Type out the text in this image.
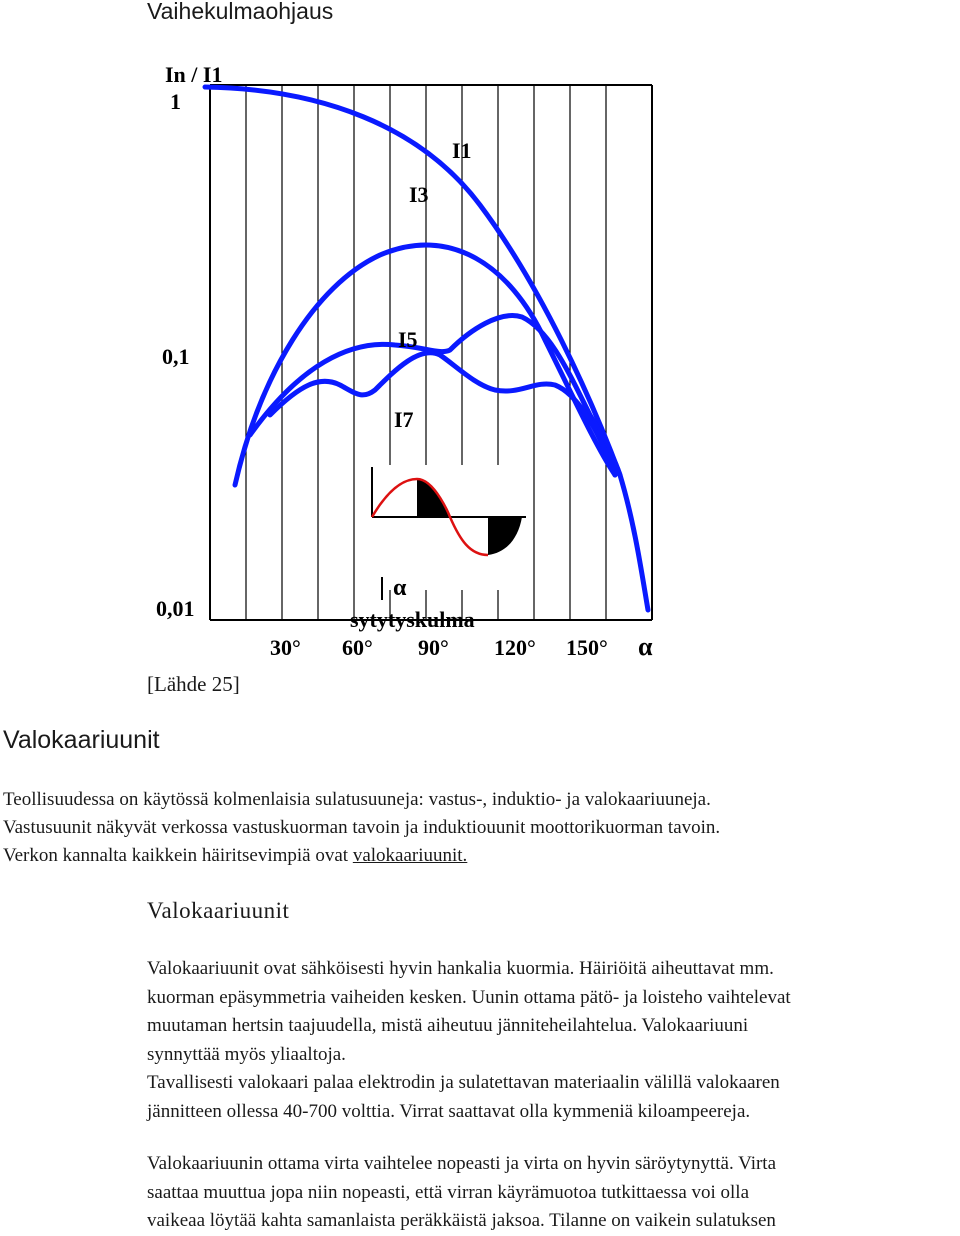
Vaihekulmaohjaus
In / I1
1
0,1
0,01
30° 60° 90° 120° 150° α
I1
I3
I5
I7
α
sytytyskulma
[Lähde 25]
Valokaariuunit

Teollisuudessa on käytössä kolmenlaisia sulatusuuneja: vastus-, induktio- ja valokaariuuneja.
Vastusuunit näkyvät verkossa vastuskuorman tavoin ja induktiouunit moottorikuorman tavoin.
Verkon kannalta kaikkein häiritsevimpiä ovat valokaariuunit.

Valokaariuunit

Valokaariuunit ovat sähköisesti hyvin hankalia kuormia. Häiriöitä aiheuttavat mm.
kuorman epäsymmetria vaiheiden kesken. Uunin ottama pätö- ja loisteho vaihtelevat
muutaman hertsin taajuudella, mistä aiheutuu jänniteheilahtelua. Valokaariuuni
synnyttää myös yliaaltoja.
Tavallisesti valokaari palaa elektrodin ja sulatettavan materiaalin välillä valokaaren
jännitteen ollessa 40-700 volttia. Virrat saattavat olla kymmeniä kiloampeereja.

Valokaariuunin ottama virta vaihtelee nopeasti ja virta on hyvin säröytynyttä. Virta
saattaa muuttua jopa niin nopeasti, että virran käyrämuotoa tutkittaessa voi olla
vaikeaa löytää kahta samanlaista peräkkäistä jaksoa. Tilanne on vaikein sulatuksen
